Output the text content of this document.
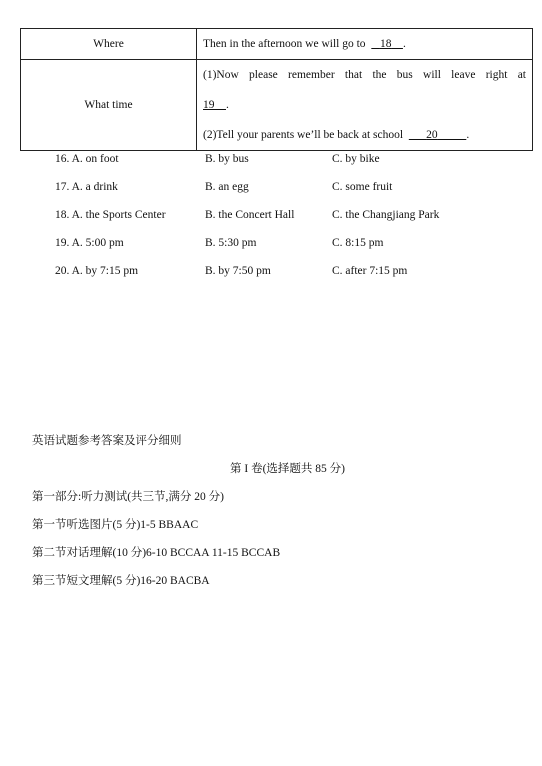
Where	Then in the afternoon we will go to 18 .
What time	(1)Now please remember that the bus will leave right at
19 .
(2)Tell your parents we’ll be back at school 20 .
16. A. on foot	B. by bus	C. by bike
17. A. a drink	B. an egg	C. some fruit
18. A. the Sports Center	B. the Concert Hall	C. the Changjiang Park
19. A. 5:00 pm	B. 5:30 pm	C. 8:15 pm
20. A. by 7:15 pm	B. by 7:50 pm	C. after 7:15 pm
英语试题参考答案及评分细则
第 I 卷(选择题共 85 分)
第一部分:听力测试(共三节,满分 20 分)
第一节听选图片(5 分)1-5 BBAAC
第二节对话理解(10 分)6-10 BCCAA 11-15 BCCAB
第三节短文理解(5 分)16-20 BACBA
